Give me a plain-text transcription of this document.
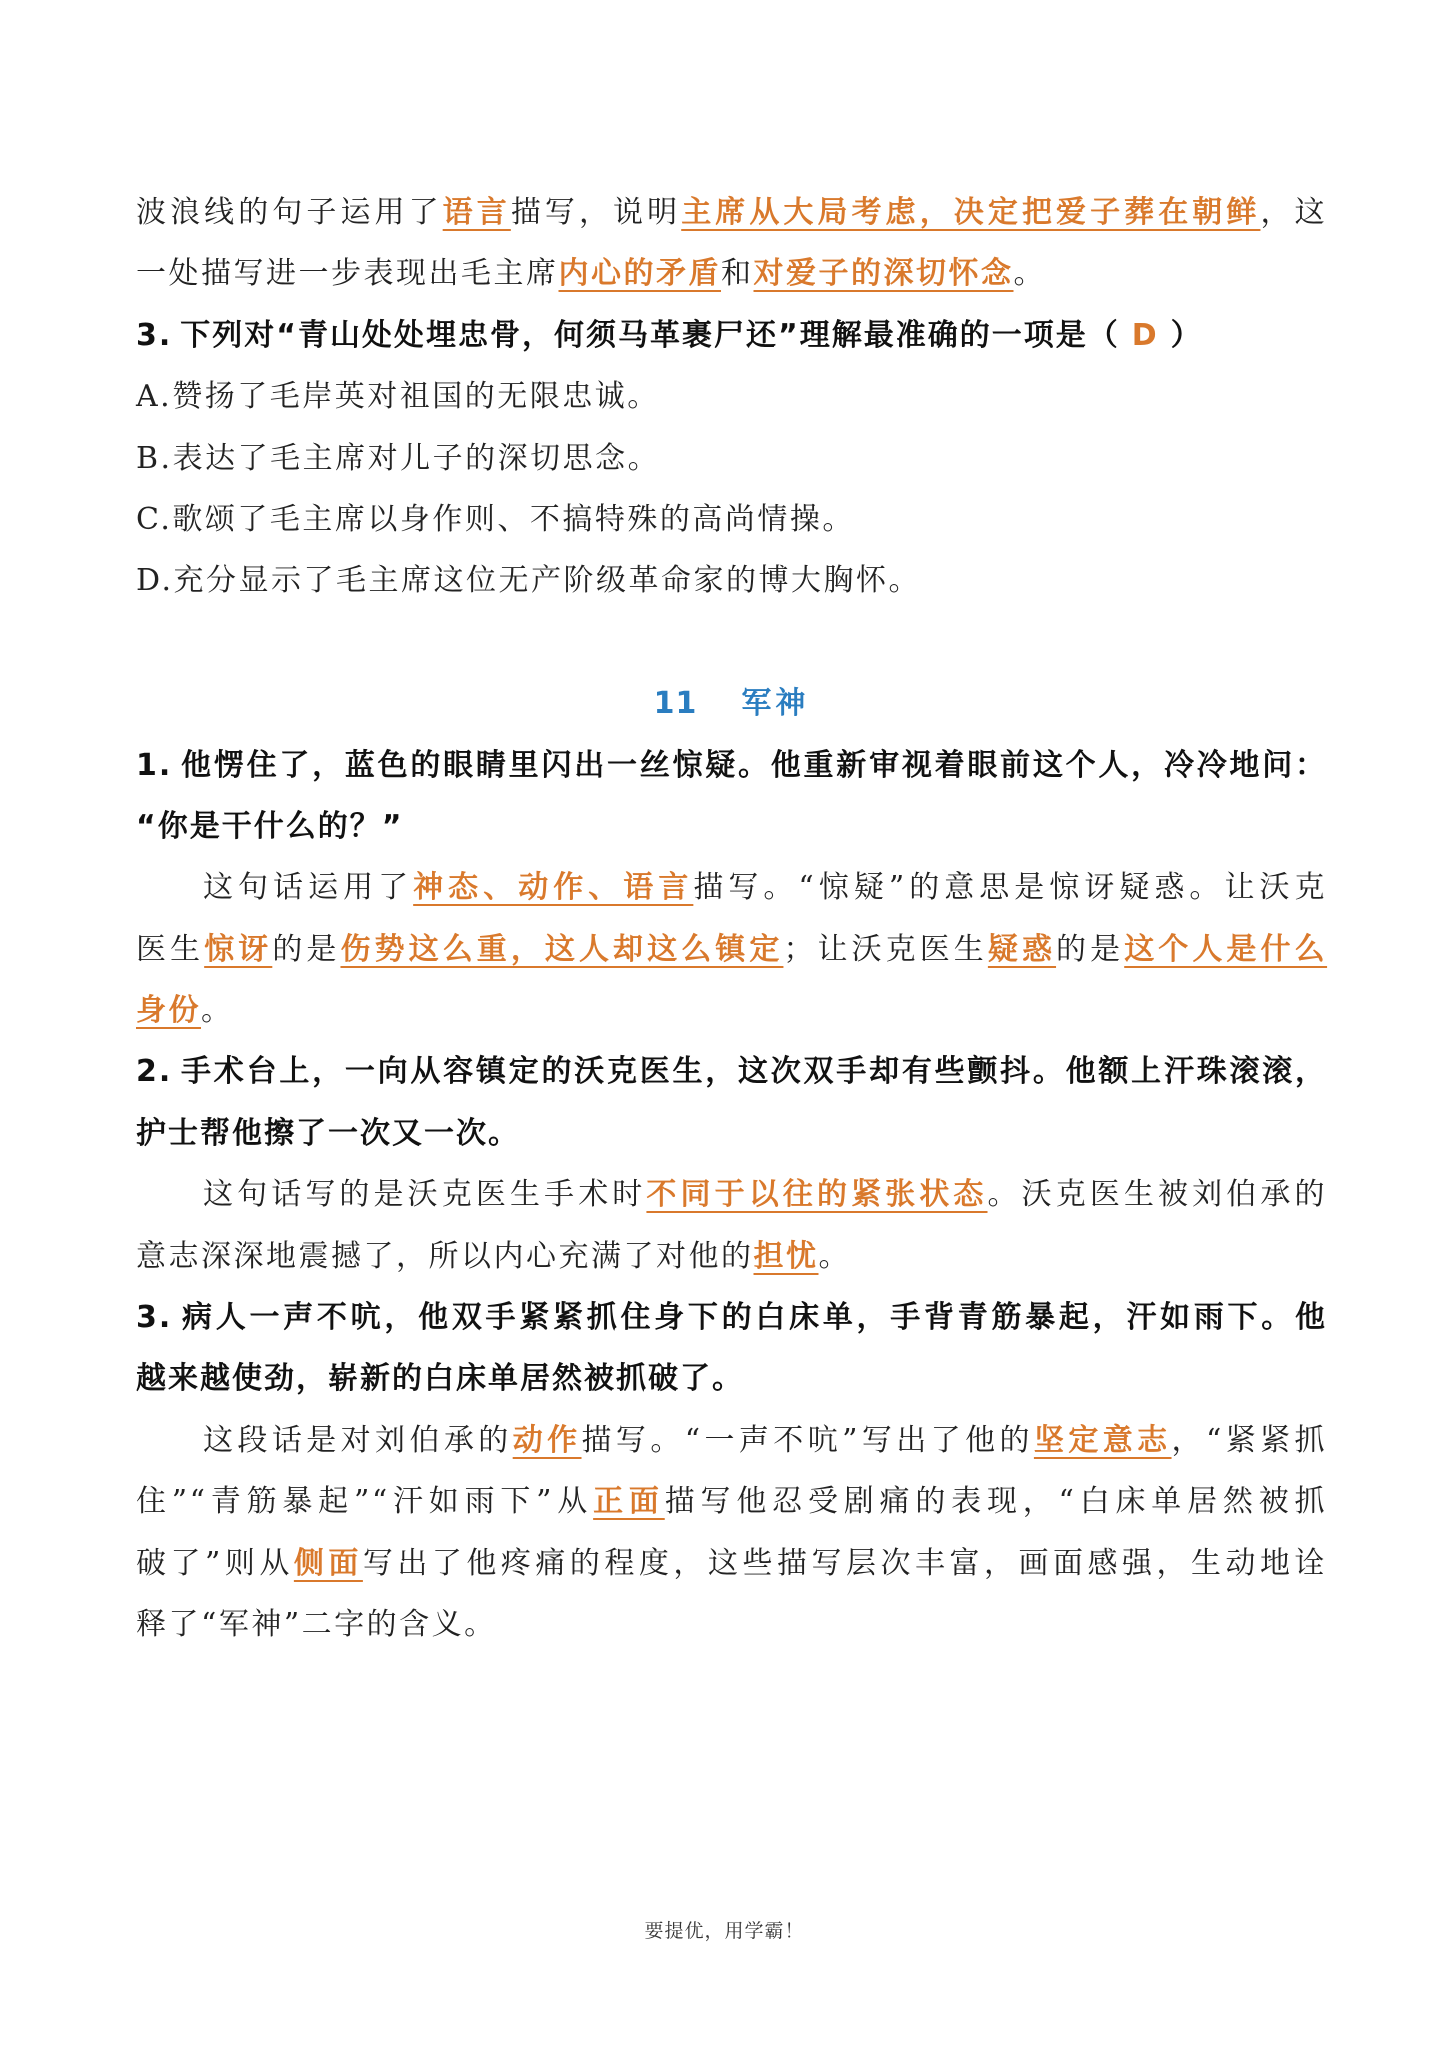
波浪线的句子运用了语言描写，说明主席从大局考虑，决定把爱子葬在朝鲜，这
一处描写进一步表现出毛主席内心的矛盾和对爱子的深切怀念。
3. 下列对“青山处处埋忠骨，何须马革裹尸还”理解最准确的一项是（ D ）
A.赞扬了毛岸英对祖国的无限忠诚。
B.表达了毛主席对儿子的深切思念。
C.歌颂了毛主席以身作则、不搞特殊的高尚情操。
D.充分显示了毛主席这位无产阶级革命家的博大胸怀。
11 军神
1. 他愣住了，蓝色的眼睛里闪出一丝惊疑。他重新审视着眼前这个人，冷冷地问：
“你是干什么的？”
这句话运用了神态、动作、语言描写。“惊疑”的意思是惊讶疑惑。让沃克
医生惊讶的是伤势这么重，这人却这么镇定；让沃克医生疑惑的是这个人是什么
身份。
2. 手术台上，一向从容镇定的沃克医生，这次双手却有些颤抖。他额上汗珠滚滚，
护士帮他擦了一次又一次。
这句话写的是沃克医生手术时不同于以往的紧张状态。沃克医生被刘伯承的
意志深深地震撼了，所以内心充满了对他的担忧。
3. 病人一声不吭，他双手紧紧抓住身下的白床单，手背青筋暴起，汗如雨下。他
越来越使劲，崭新的白床单居然被抓破了。
这段话是对刘伯承的动作描写。“一声不吭”写出了他的坚定意志，“紧紧抓
住”“青筋暴起”“汗如雨下”从正面描写他忍受剧痛的表现，“白床单居然被抓
破了”则从侧面写出了他疼痛的程度，这些描写层次丰富，画面感强，生动地诠
释了“军神”二字的含义。
要提优，用学霸！
